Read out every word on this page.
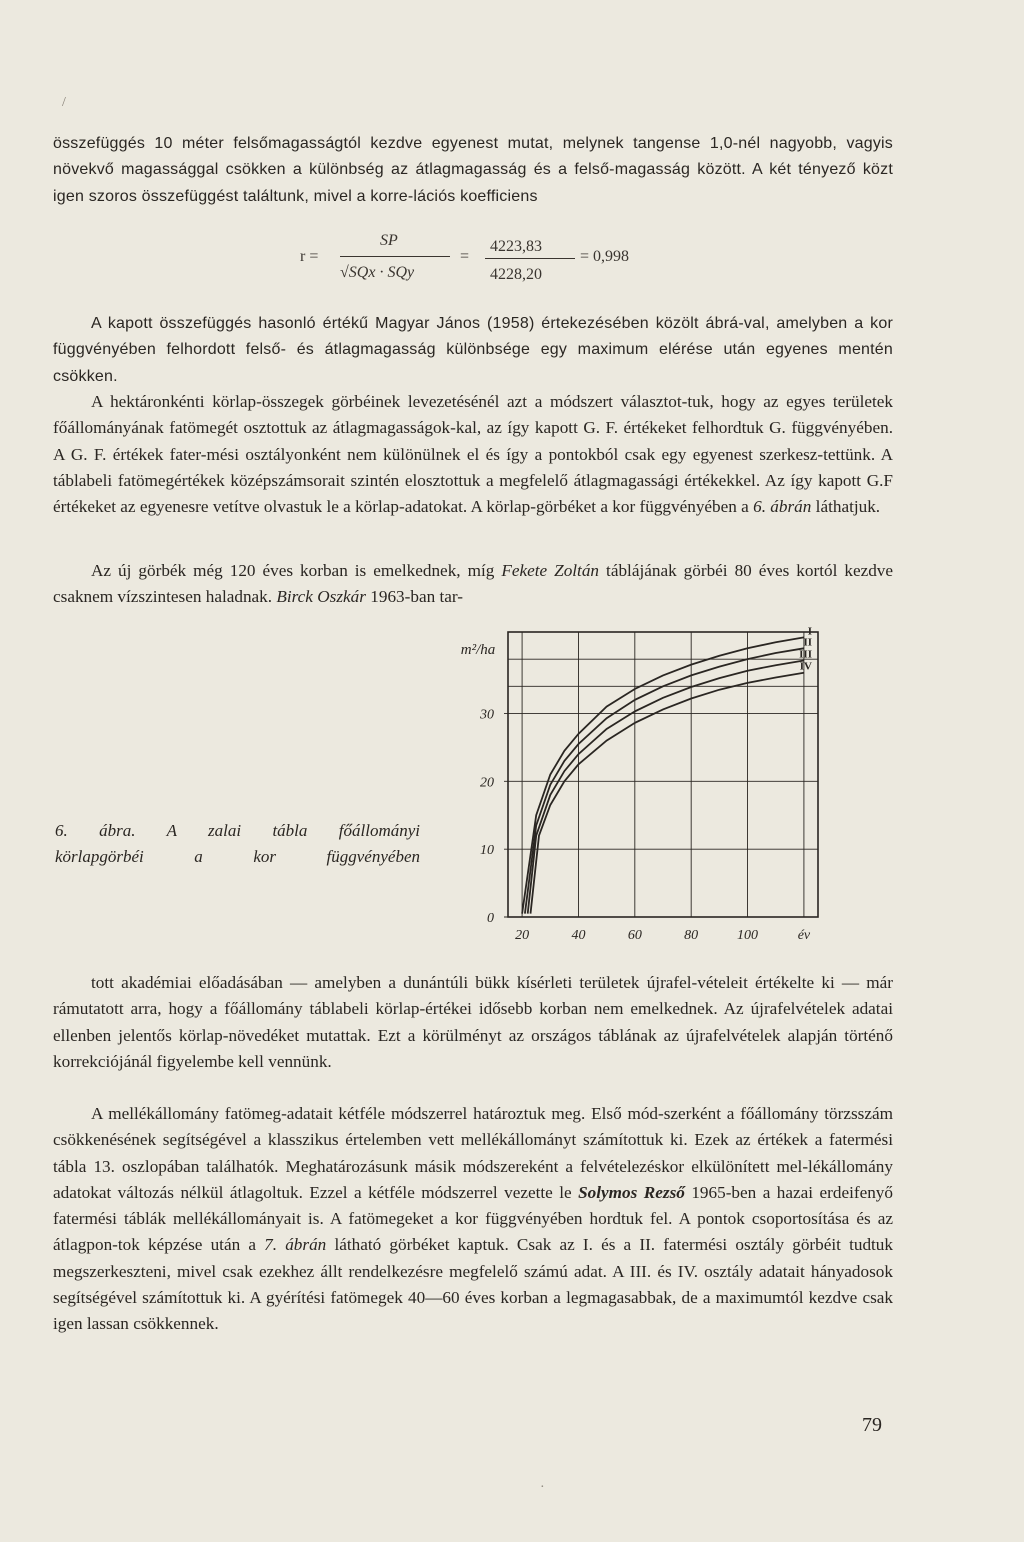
/

összefüggés 10 méter felsőmagasságtól kezdve egyenest mutat, melynek tangense 1,0-nél nagyobb, vagyis növekvő magassággal csökken a különbség az átlagmagasság és a felső-magasság között. A két tényező közt igen szoros összefüggést találtunk, mivel a korre-lációs koefficiens

r =
SP
√SQx · SQy
=
4223,83
4228,20
= 0,998

A kapott összefüggés hasonló értékű Magyar János (1958) értekezésében közölt ábrá-val, amelyben a kor függvényében felhordott felső- és átlagmagasság különbsége egy maximum elérése után egyenes mentén csökken.

A hektáronkénti körlap-összegek görbéinek levezetésénél azt a módszert választot-tuk, hogy az egyes területek főállományának fatömegét osztottuk az átlagmagasságok-kal, az így kapott G. F. értékeket felhordtuk G. függvényében. A G. F. értékek fater-mési osztályonként nem különülnek el és így a pontokból csak egy egyenest szerkesz-tettünk. A táblabeli fatömegértékek középszámsorait szintén elosztottuk a megfelelő átlagmagassági értékekkel. Az így kapott G.F értékeket az egyenesre vetítve olvastuk le a körlap-adatokat. A körlap-görbéket a kor függvényében a 6. ábrán láthatjuk.

Az új görbék még 120 éves korban is emelkednek, míg Fekete Zoltán táblájának görbéi 80 éves kortól kezdve csaknem vízszintesen haladnak. Birck Oszkár 1963-ban tar-

6. ábra. A zalai tábla főállományi
körlapgörbéi a kor függvényében
20	40	60	80	100	év
0
10
20
30
m²/ha
I
II
III
IV

tott akadémiai előadásában — amelyben a dunántúli bükk kísérleti területek újrafel-vételeit értékelte ki — már rámutatott arra, hogy a főállomány táblabeli körlap-értékei idősebb korban nem emelkednek. Az újrafelvételek adatai ellenben jelentős körlap-növedéket mutattak. Ezt a körülményt az országos táblának az újrafelvételek alapján történő korrekciójánál figyelembe kell vennünk.

A mellékállomány fatömeg-adatait kétféle módszerrel határoztuk meg. Első mód-szerként a főállomány törzsszám csökkenésének segítségével a klasszikus értelemben vett mellékállományt számítottuk ki. Ezek az értékek a fatermési tábla 13. oszlopában találhatók. Meghatározásunk másik módszereként a felvételezéskor elkülönített mel-lékállomány adatokat változás nélkül átlagoltuk. Ezzel a kétféle módszerrel vezette le Solymos Rezső 1965-ben a hazai erdeifenyő fatermési táblák mellékállományait is. A fatömegeket a kor függvényében hordtuk fel. A pontok csoportosítása és az átlagpon-tok képzése után a 7. ábrán látható görbéket kaptuk. Csak az I. és a II. fatermési osztály görbéit tudtuk megszerkeszteni, mivel csak ezekhez állt rendelkezésre megfelelő számú adat. A III. és IV. osztály adatait hányadosok segítségével számítottuk ki. A gyérítési fatömegek 40—60 éves korban a legmagasabbak, de a maximumtól kezdve csak igen lassan csökkennek.

79
·
